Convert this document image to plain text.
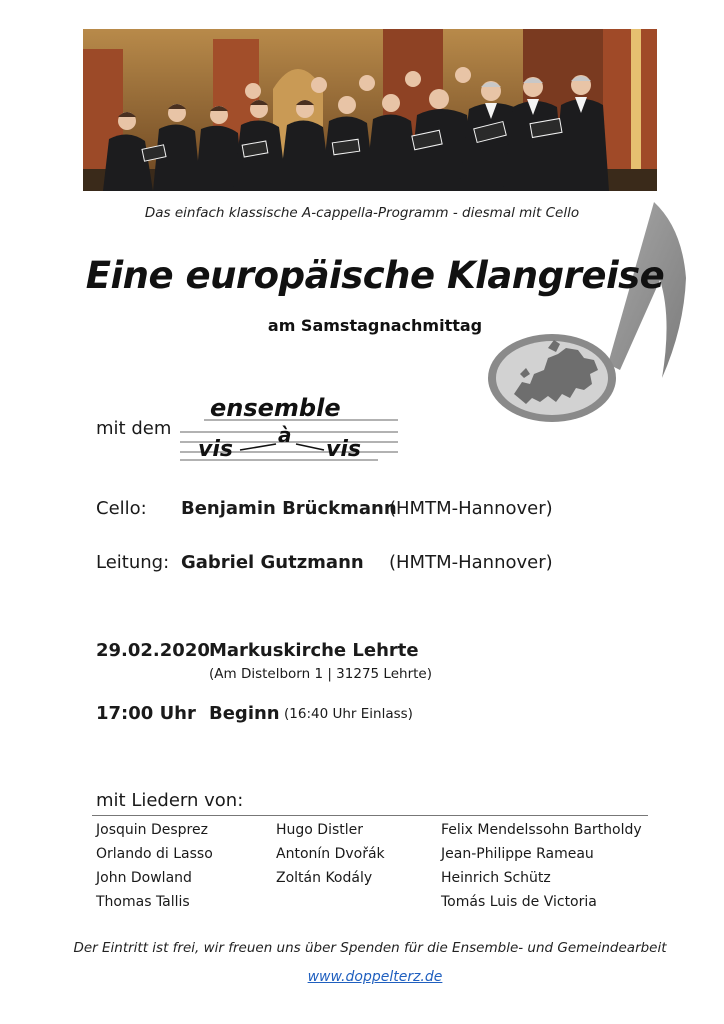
Das einfach klassische A-cappella-Programm - diesmal mit Cello
Eine europäische Klangreise
am Samstagnachmittag
mit dem
ensemble
vis
à
vis
Cello: Benjamin Brückmann
(HMTM-Hannover)
Leitung: Gabriel Gutzmann (HMTM-Hannover)
29.02.2020 Markuskirche Lehrte
(Am Distelborn 1 | 31275 Lehrte)
17:00 Uhr Beginn (16:40 Uhr Einlass)
mit Liedern von:
Josquin Desprez
Orlando di Lasso
John Dowland
Thomas Tallis
Hugo Distler
Antonín Dvořák
Zoltán Kodály
Felix Mendelssohn Bartholdy
Jean-Philippe Rameau
Heinrich Schütz
Tomás Luis de Victoria
Der Eintritt ist frei, wir freuen uns über Spenden für die Ensemble- und Gemeindearbeit
www.doppelterz.de
